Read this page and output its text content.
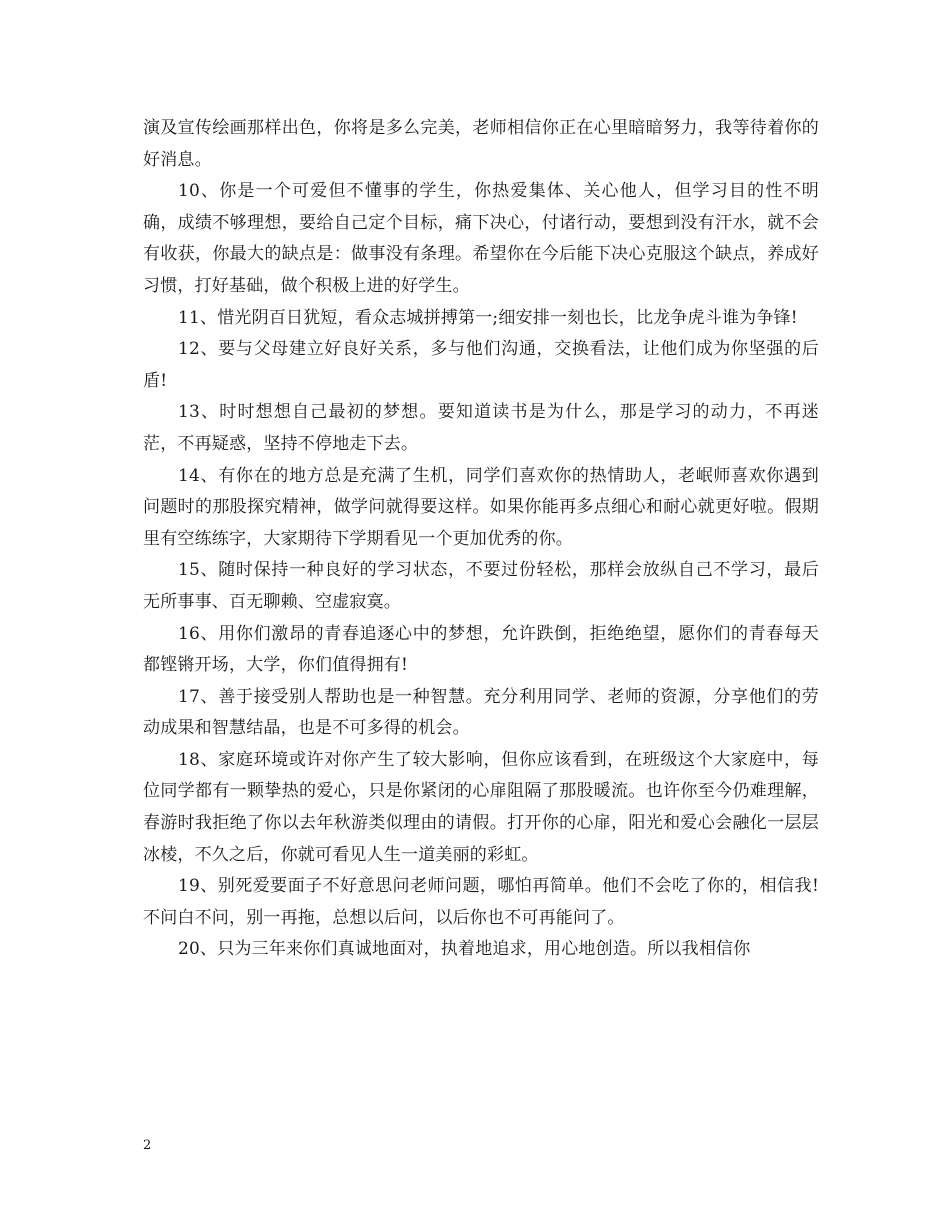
演及宣传绘画那样出色，你将是多么完美，老师相信你正在心里暗暗努力，我等待着你的好消息。

10、你是一个可爱但不懂事的学生，你热爱集体、关心他人，但学习目的性不明确，成绩不够理想，要给自己定个目标，痛下决心，付诸行动，要想到没有汗水，就不会有收获，你最大的缺点是：做事没有条理。希望你在今后能下决心克服这个缺点，养成好习惯，打好基础，做个积极上进的好学生。

11、惜光阴百日犹短，看众志城拼搏第一;细安排一刻也长，比龙争虎斗谁为争锋!

12、要与父母建立好良好关系，多与他们沟通，交换看法，让他们成为你坚强的后盾!

13、时时想想自己最初的梦想。要知道读书是为什么，那是学习的动力，不再迷茫，不再疑惑，坚持不停地走下去。

14、有你在的地方总是充满了生机，同学们喜欢你的热情助人，老岷师喜欢你遇到问题时的那股探究精神，做学问就得要这样。如果你能再多点细心和耐心就更好啦。假期里有空练练字，大家期待下学期看见一个更加优秀的你。

15、随时保持一种良好的学习状态，不要过份轻松，那样会放纵自己不学习，最后无所事事、百无聊赖、空虚寂寞。

16、用你们激昂的青春追逐心中的梦想，允许跌倒，拒绝绝望，愿你们的青春每天都铿锵开场，大学，你们值得拥有!

17、善于接受别人帮助也是一种智慧。充分利用同学、老师的资源，分享他们的劳动成果和智慧结晶，也是不可多得的机会。

18、家庭环境或许对你产生了较大影响，但你应该看到，在班级这个大家庭中，每位同学都有一颗挚热的爱心，只是你紧闭的心扉阻隔了那股暖流。也许你至今仍难理解，春游时我拒绝了你以去年秋游类似理由的请假。打开你的心扉，阳光和爱心会融化一层层冰棱，不久之后，你就可看见人生一道美丽的彩虹。

19、别死爱要面子不好意思问老师问题，哪怕再简单。他们不会吃了你的，相信我!不问白不问，别一再拖，总想以后问，以后你也不可再能问了。

20、只为三年来你们真诚地面对，执着地追求，用心地创造。所以我相信你

2
